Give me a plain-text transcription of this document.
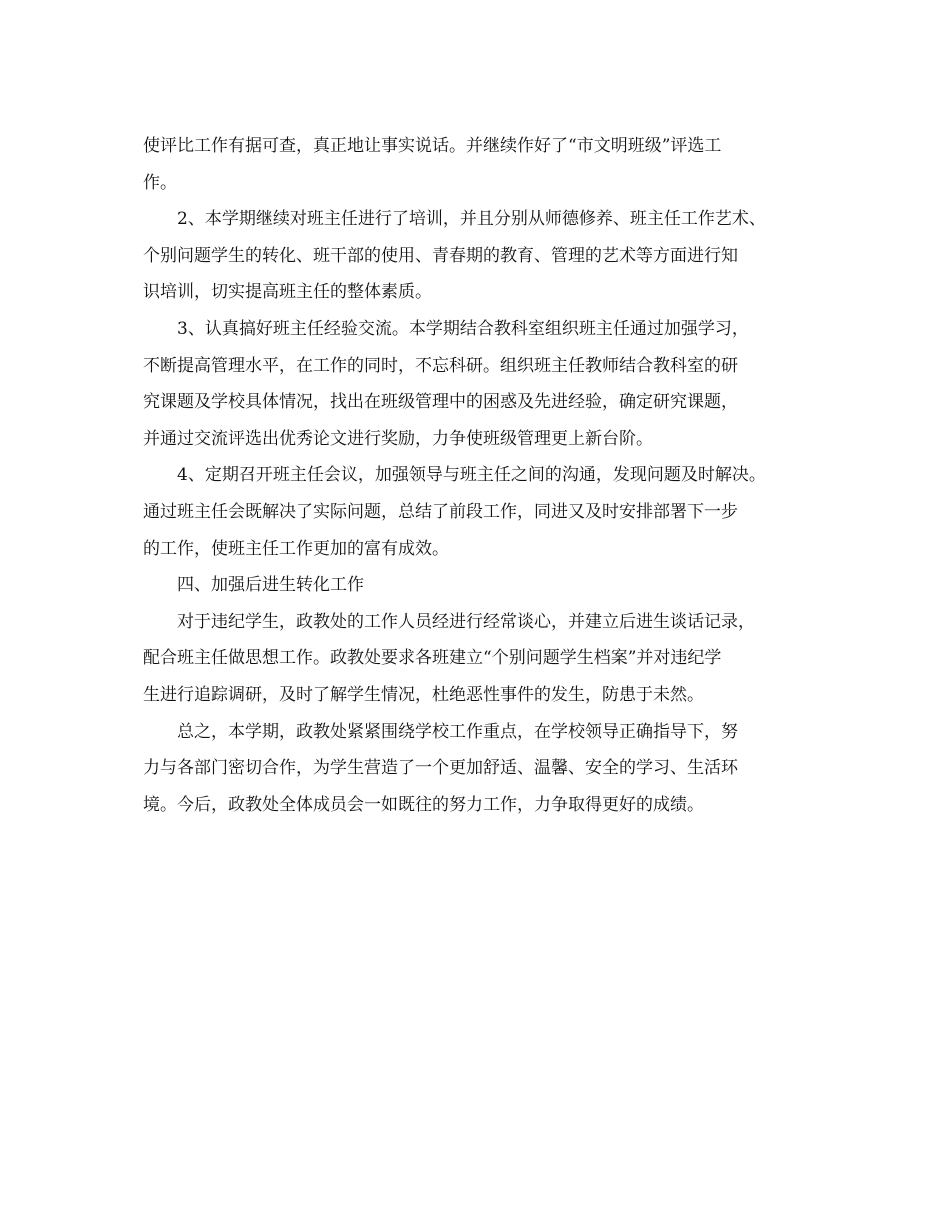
使评比工作有据可查，真正地让事实说话。并继续作好了“市文明班级”评选工
作。
2、本学期继续对班主任进行了培训，并且分别从师德修养、班主任工作艺术、
个别问题学生的转化、班干部的使用、青春期的教育、管理的艺术等方面进行知
识培训，切实提高班主任的整体素质。
3、认真搞好班主任经验交流。本学期结合教科室组织班主任通过加强学习，
不断提高管理水平，在工作的同时，不忘科研。组织班主任教师结合教科室的研
究课题及学校具体情况，找出在班级管理中的困惑及先进经验，确定研究课题，
并通过交流评选出优秀论文进行奖励，力争使班级管理更上新台阶。
4、定期召开班主任会议，加强领导与班主任之间的沟通，发现问题及时解决。
通过班主任会既解决了实际问题，总结了前段工作，同进又及时安排部署下一步
的工作，使班主任工作更加的富有成效。
四、加强后进生转化工作
对于违纪学生，政教处的工作人员经进行经常谈心，并建立后进生谈话记录，
配合班主任做思想工作。政教处要求各班建立“个别问题学生档案”并对违纪学
生进行追踪调研，及时了解学生情况，杜绝恶性事件的发生，防患于未然。
总之，本学期，政教处紧紧围绕学校工作重点，在学校领导正确指导下，努
力与各部门密切合作，为学生营造了一个更加舒适、温馨、安全的学习、生活环
境。今后，政教处全体成员会一如既往的努力工作，力争取得更好的成绩。
